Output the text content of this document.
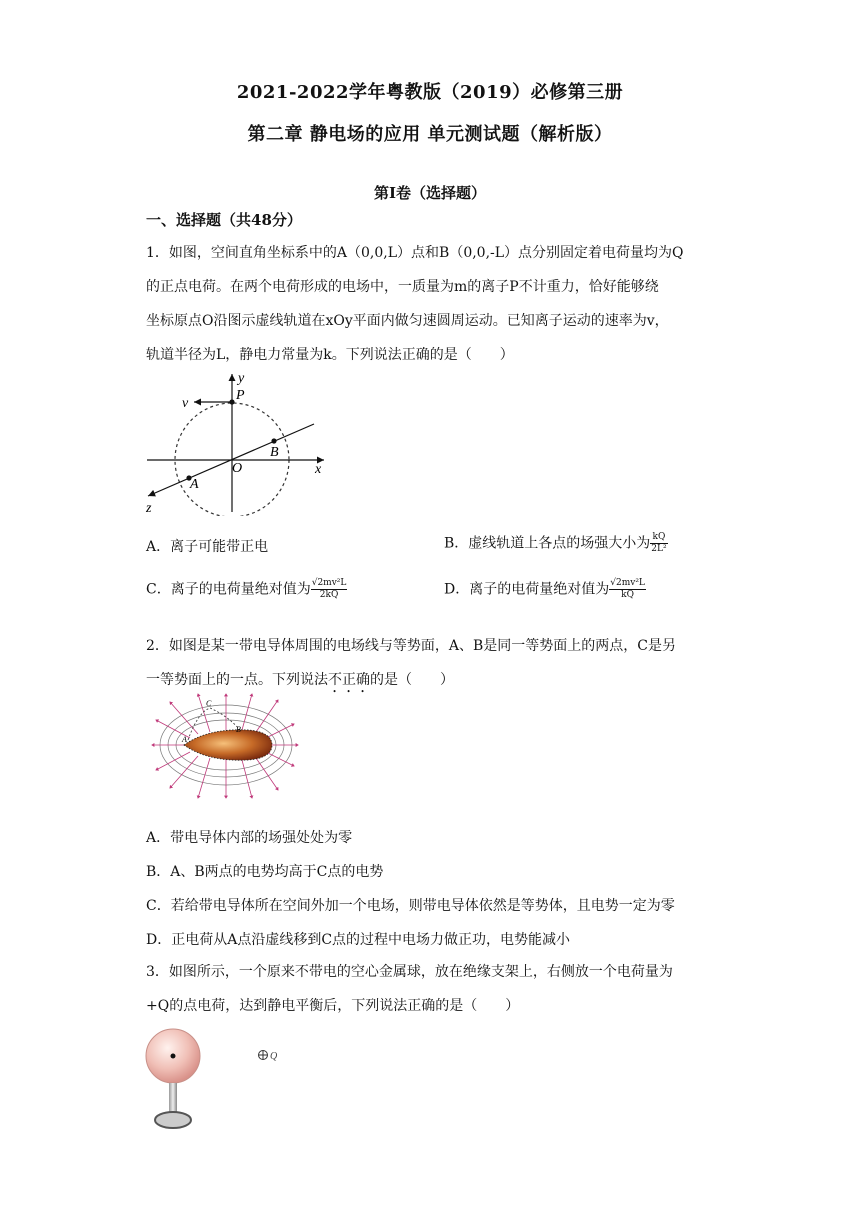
2021-2022学年粤教版（2019）必修第三册
第二章 静电场的应用 单元测试题（解析版）
第Ⅰ卷（选择题）
一、选择题（共48分）
1．如图，空间直角坐标系中的A（0,0,L）点和B（0,0,-L）点分别固定着电荷量均为Q
的正点电荷。在两个电荷形成的电场中，一质量为m的离子P不计重力，恰好能够绕
坐标原点O沿图示虚线轨道在xOy平面内做匀速圆周运动。已知离子运动的速率为v，
轨道半径为L，静电力常量为k。下列说法正确的是（　　）
y
v
P
B
O	x
A
z
A．离子可能带正电	B．虚线轨道上各点的场强大小为 $\frac{kQ}{\text{2L²}}$
C．离子的电荷量绝对值为 $\frac{\text{√2mv²L}}{2kQ}$	D．离子的电荷量绝对值为 $\frac{\text{√2mv²L}}{kQ}$
2．如图是某一带电导体周围的电场线与等势面，A、B是同一等势面上的两点，C是另
一等势面上的一点。下列说法不正确的是（　　）
A
B
C
A．带电导体内部的场强处处为零
B．A、B两点的电势均高于C点的电势
C．若给带电导体所在空间外加一个电场，则带电导体依然是等势体，且电势一定为零
D．正电荷从A点沿虚线移到C点的过程中电场力做正功，电势能减小
3．如图所示，一个原来不带电的空心金属球，放在绝缘支架上，右侧放一个电荷量为
+Q的点电荷，达到静电平衡后，下列说法正确的是（　　）
Q
